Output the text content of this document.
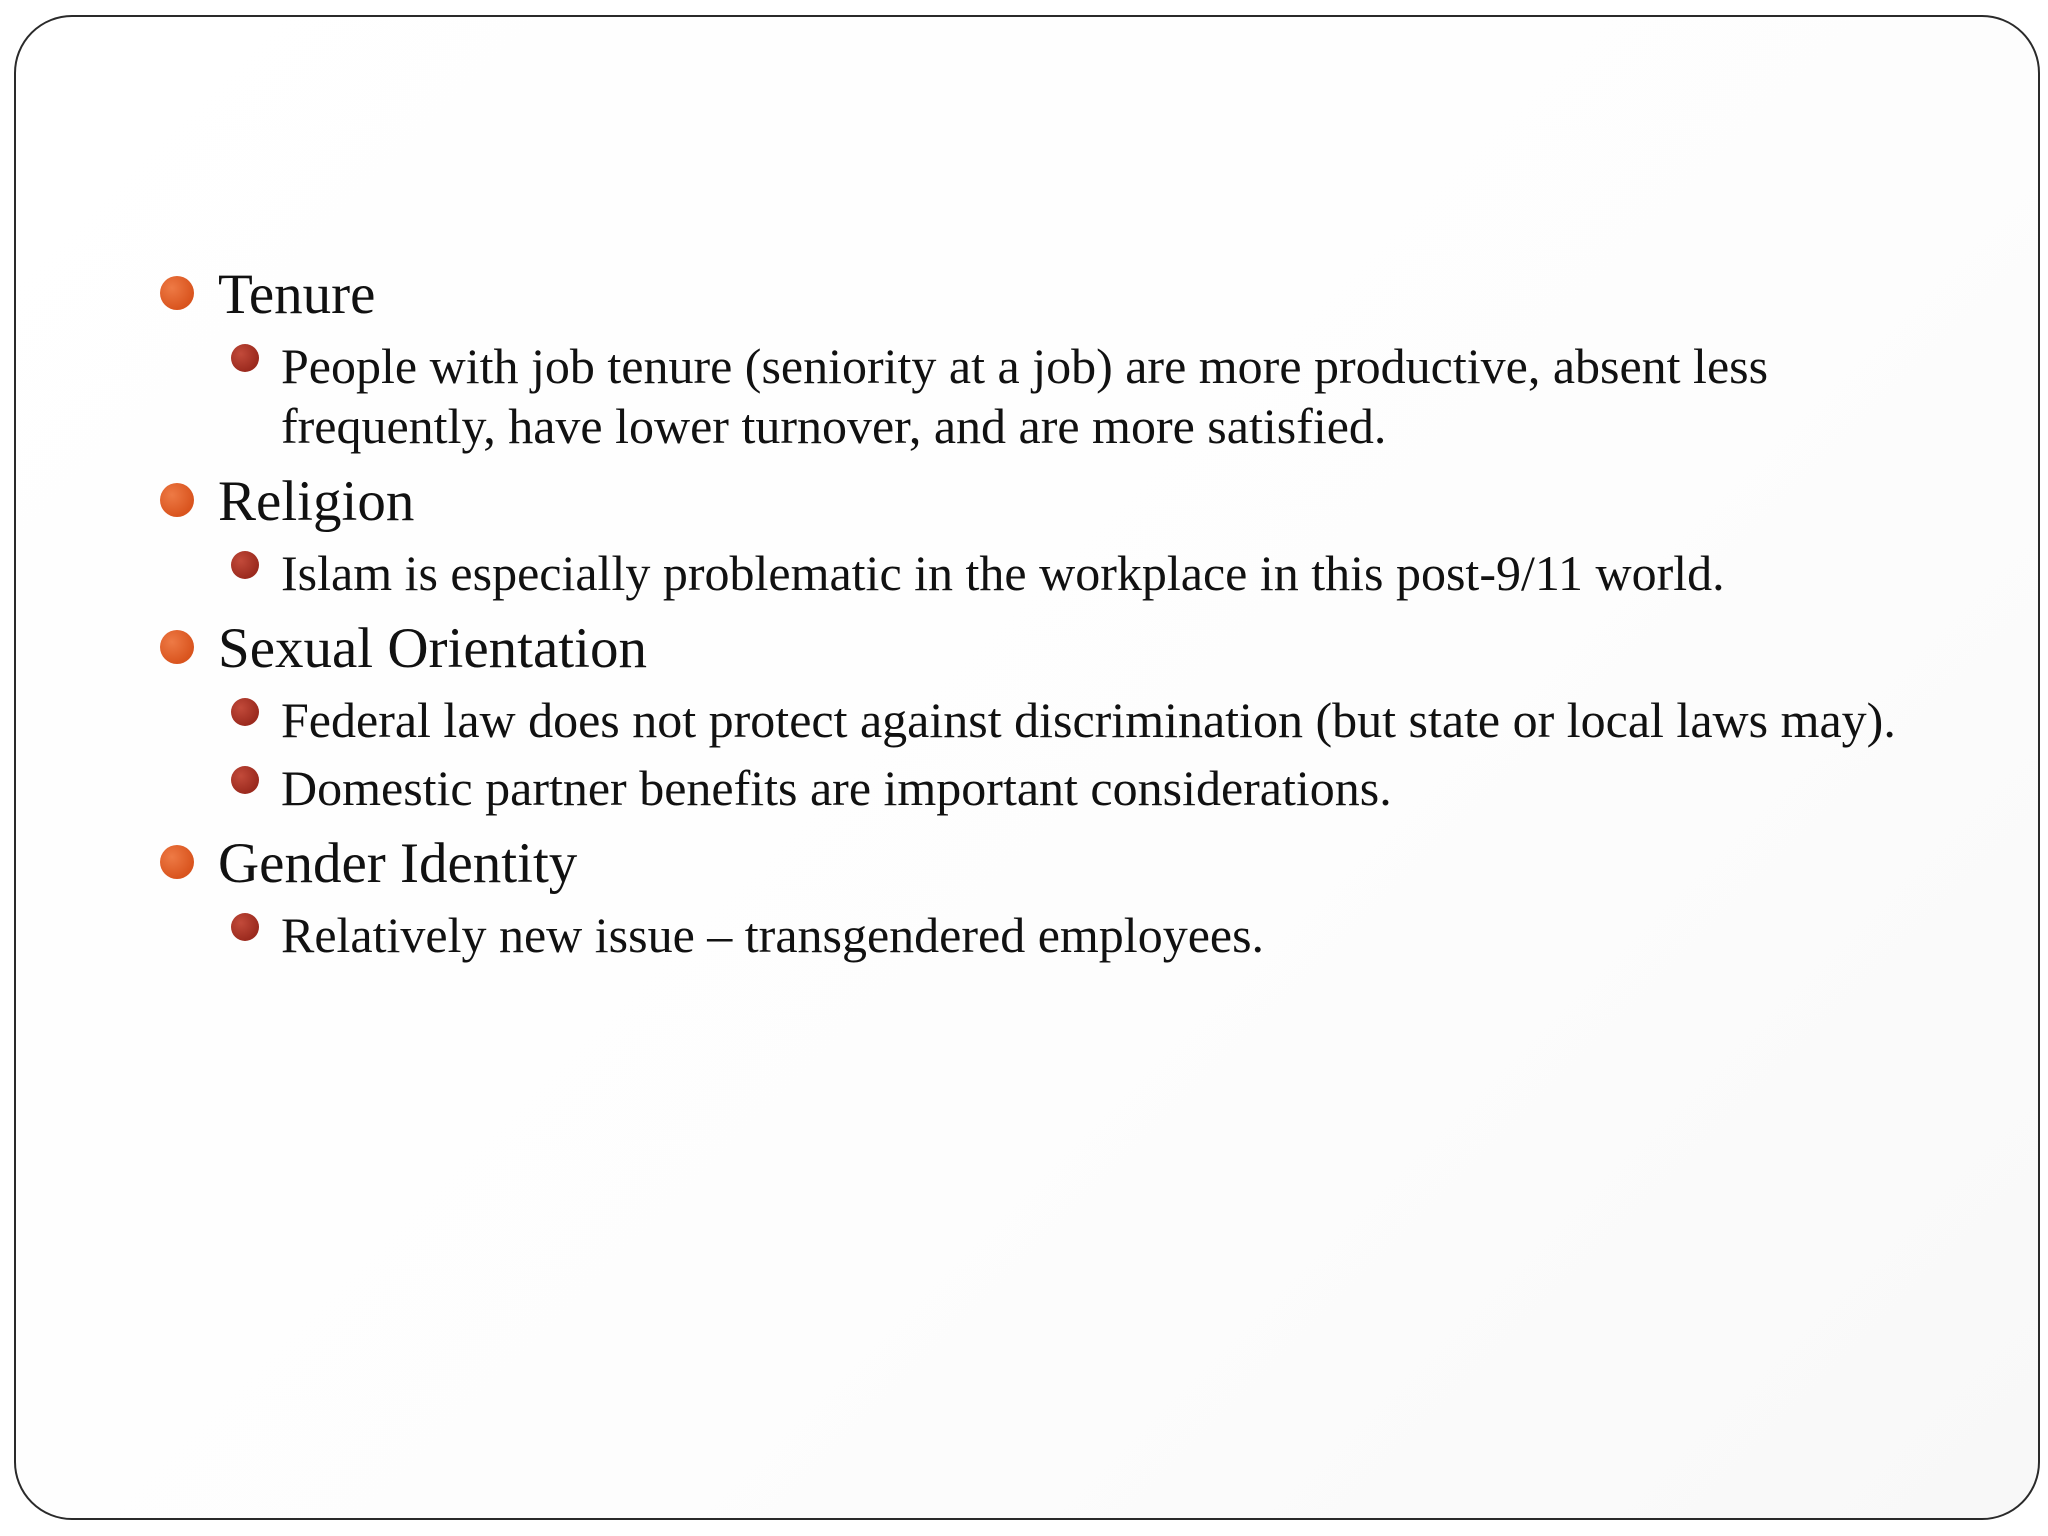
Tenure
People with job tenure (seniority at a job) are more productive, absent less frequently, have lower turnover, and are more satisfied.
Religion
Islam is especially problematic in the workplace in this post-9/11 world.
Sexual Orientation
Federal law does not protect against discrimination (but state or local laws may).
Domestic partner benefits are important considerations.
Gender Identity
Relatively new issue – transgendered employees.
